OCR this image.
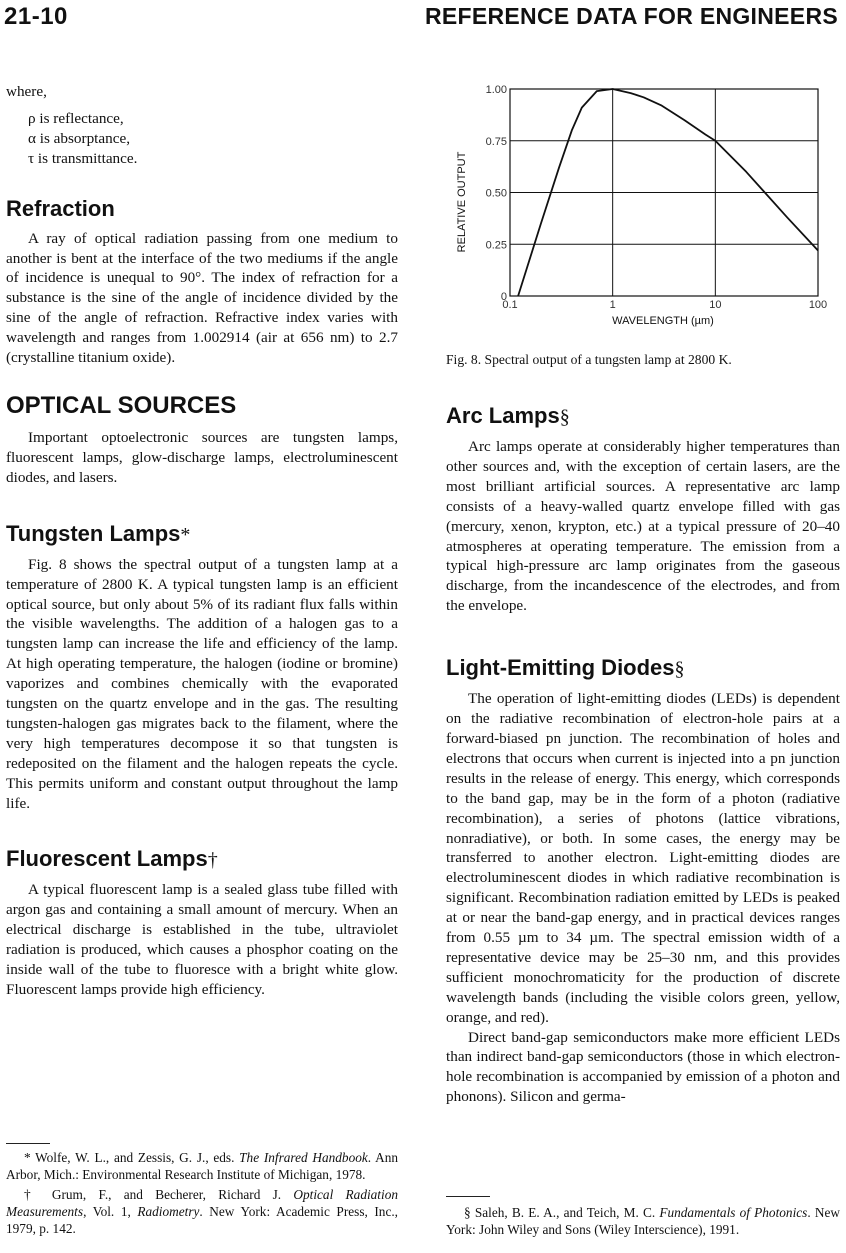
21-10	REFERENCE DATA FOR ENGINEERS

where,

ρ is reflectance,
α is absorptance,
τ is transmittance.
Refraction

A ray of optical radiation passing from one medium to another is bent at the interface of the two mediums if the angle of incidence is unequal to 90°. The index of refraction for a substance is the sine of the angle of incidence divided by the sine of the angle of refraction. Refractive index varies with wavelength and ranges from 1.002914 (air at 656 nm) to 2.7 (crystalline titanium oxide).

OPTICAL SOURCES

Important optoelectronic sources are tungsten lamps, fluorescent lamps, glow-discharge lamps, electroluminescent diodes, and lasers.

Tungsten Lamps*

Fig. 8 shows the spectral output of a tungsten lamp at a temperature of 2800 K. A typical tungsten lamp is an efficient optical source, but only about 5% of its radiant flux falls within the visible wavelengths. The addition of a halogen gas to a tungsten lamp can increase the life and efficiency of the lamp. At high operating temperature, the halogen (iodine or bromine) vaporizes and combines chemically with the evaporated tungsten on the quartz envelope and in the gas. The resulting tungsten-halogen gas migrates back to the filament, where the very high temperatures decompose it so that tungsten is redeposited on the filament and the halogen repeats the cycle. This permits uniform and constant output throughout the lamp life.

Fluorescent Lamps†

A typical fluorescent lamp is a sealed glass tube filled with argon gas and containing a small amount of mercury. When an electrical discharge is established in the tube, ultraviolet radiation is produced, which causes a phosphor coating on the inside wall of the tube to fluoresce with a bright white glow. Fluorescent lamps provide high efficiency.

* Wolfe, W. L., and Zessis, G. J., eds. The Infrared Handbook. Ann Arbor, Mich.: Environmental Research Institute of Michigan, 1978.

† Grum, F., and Becherer, Richard J. Optical Radiation Measurements, Vol. 1, Radiometry. New York: Academic Press, Inc., 1979, p. 142.

0
0.25
0.50
0.75
1.00
0.1	1	10	100
RELATIVE OUTPUT
WAVELENGTH (µm)

Fig. 8. Spectral output of a tungsten lamp at 2800 K.

Arc Lamps§

Arc lamps operate at considerably higher temperatures than other sources and, with the exception of certain lasers, are the most brilliant artificial sources. A representative arc lamp consists of a heavy-walled quartz envelope filled with gas (mercury, xenon, krypton, etc.) at a typical pressure of 20–40 atmospheres at operating temperature. The emission from a typical high-pressure arc lamp originates from the gaseous discharge, from the incandescence of the electrodes, and from the envelope.

Light-Emitting Diodes§

The operation of light-emitting diodes (LEDs) is dependent on the radiative recombination of electron-hole pairs at a forward-biased pn junction. The recombination of holes and electrons that occurs when current is injected into a pn junction results in the release of energy. This energy, which corresponds to the band gap, may be in the form of a photon (radiative recombination), a series of photons (lattice vibrations, nonradiative), or both. In some cases, the energy may be transferred to another electron. Light-emitting diodes are electroluminescent diodes in which radiative recombination is significant. Recombination radiation emitted by LEDs is peaked at or near the band-gap energy, and in practical devices ranges from 0.55 µm to 34 µm. The spectral emission width of a representative device may be 25–30 nm, and this provides sufficient monochromaticity for the production of discrete wavelength bands (including the visible colors green, yellow, orange, and red).

Direct band-gap semiconductors make more efficient LEDs than indirect band-gap semiconductors (those in which electron-hole recombination is accompanied by emission of a photon and phonons). Silicon and germa-

§ Saleh, B. E. A., and Teich, M. C. Fundamentals of Photonics. New York: John Wiley and Sons (Wiley Interscience), 1991.
